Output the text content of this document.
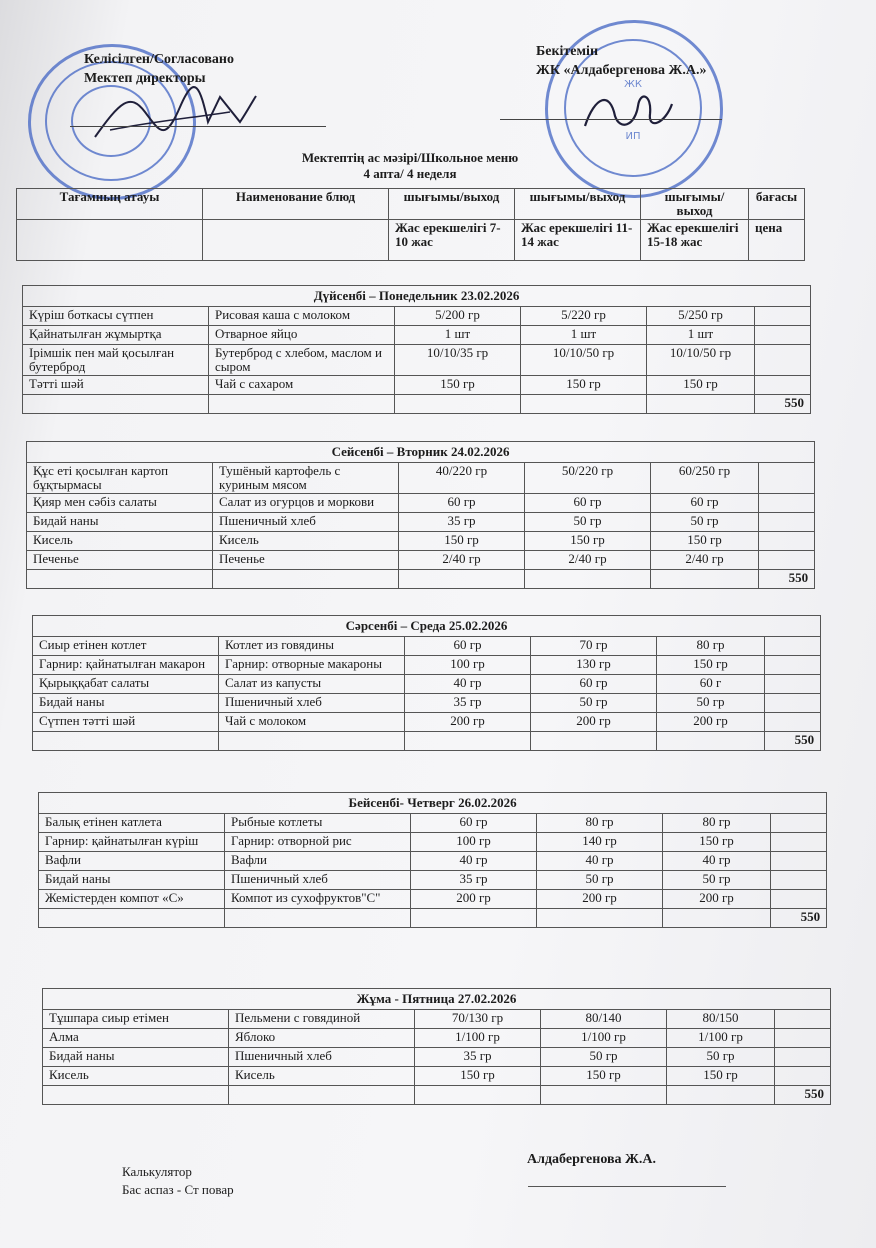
ЖК
ИП
Келісілген/Согласовано
Мектеп директоры
Бекітемін
ЖК «Алдабергенова Ж.А.»
Мектептің ас мәзірі/Школьное меню
4 апта/ 4 неделя
Тағамның атауы	Наименование блюд	шығымы/выход	шығымы/выход	шығымы/выход	бағасы
		Жас ерекшелігі 7-10 жас	Жас ерекшелігі 11-14 жас	Жас ерекшелігі 15-18 жас	цена
Дүйсенбі – Понедельник 23.02.2026					
Күріш боткасы сүтпен	Рисовая каша с молоком	5/200 гр	5/220 гр	5/250 гр	
Қайнатылған жұмыртқа	Отварное яйцо	1 шт	1 шт	1 шт	
Ірімшік пен май қосылған бутерброд	Бутерброд с хлебом, маслом и сыром	10/10/35 гр	10/10/50 гр	10/10/50 гр	
Тәтті шәй	Чай с сахаром	150 гр	150 гр	150 гр	
					550
Сейсенбі – Вторник 24.02.2026					
Құс еті қосылған картоп бұқтырмасы	Тушёный картофель с куриным мясом	40/220 гр	50/220 гр	60/250 гр	
Қияр мен сәбіз салаты	Салат из огурцов и моркови	60 гр	60 гр	60 гр	
Бидай наны	Пшеничный хлеб	35 гр	50 гр	50 гр	
Кисель	Кисель	150 гр	150 гр	150 гр	
Печенье	Печенье	2/40 гр	2/40 гр	2/40 гр	
					550
Сәрсенбі – Среда 25.02.2026					
Сиыр етінен котлет	Котлет из говядины	60 гр	70 гр	80 гр	
Гарнир: қайнатылған макарон	Гарнир: отворные макароны	100 гр	130 гр	150 гр	
Қырыққабат салаты	Салат из капусты	40 гр	60 гр	60 г	
Бидай наны	Пшеничный хлеб	35 гр	50 гр	50 гр	
Сүтпен тәтті шәй	Чай с молоком	200 гр	200 гр	200 гр	
					550
Бейсенбі- Четверг 26.02.2026					
Балық етінен катлета	Рыбные котлеты	60 гр	80 гр	80 гр	
Гарнир: қайнатылған күріш	Гарнир: отворной рис	100 гр	140 гр	150 гр	
Вафли	Вафли	40 гр	40 гр	40 гр	
Бидай наны	Пшеничный хлеб	35 гр	50 гр	50 гр	
Жемістерден компот «С»	Компот из сухофруктов"С"	200 гр	200 гр	200 гр	
					550
Жұма - Пятница 27.02.2026					
Тұшпара сиыр етімен	Пельмени с говядиной	70/130 гр	80/140	80/150	
Алма	Яблоко	1/100 гр	1/100 гр	1/100 гр	
Бидай наны	Пшеничный хлеб	35 гр	50 гр	50 гр	
Кисель	Кисель	150 гр	150 гр	150 гр	
					550
Калькулятор
Бас аспаз - Ст повар
Алдабергенова Ж.А.
